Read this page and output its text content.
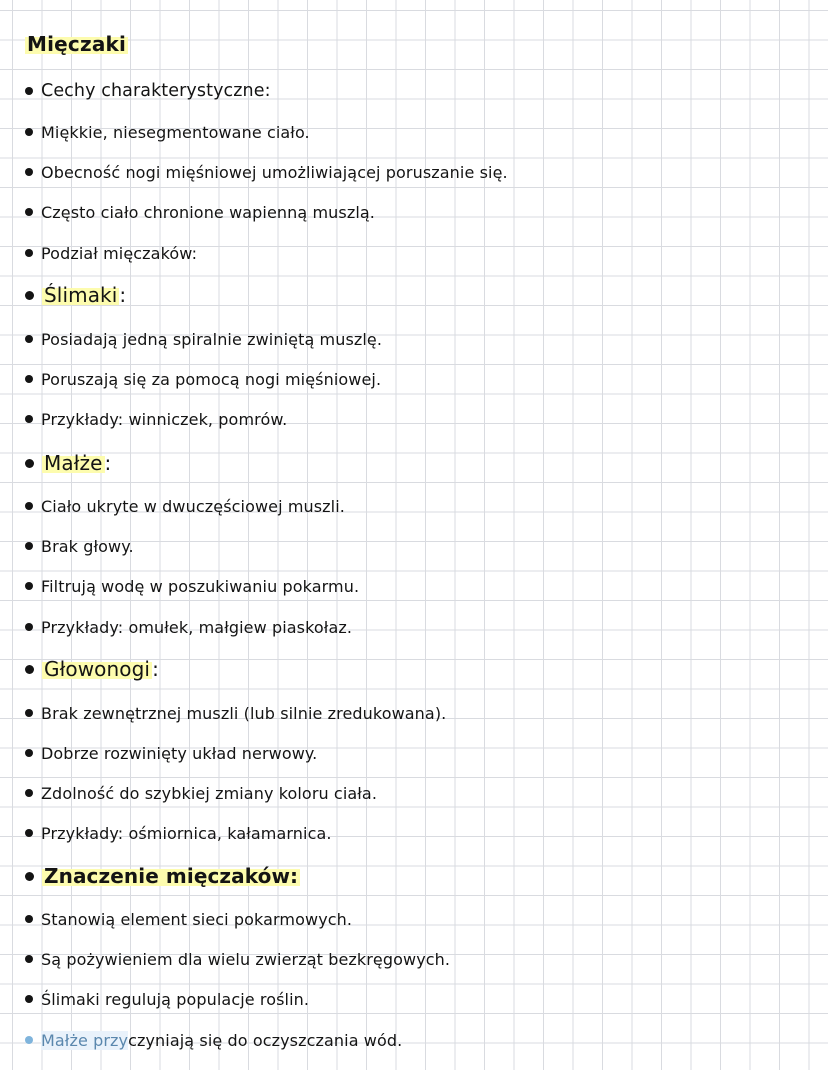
Mięczaki
Cechy charakterystyczne:
Miękkie, niesegmentowane ciało.
Obecność nogi mięśniowej umożliwiającej poruszanie się.
Często ciało chronione wapienną muszlą.
Podział mięczaków:
Ślimaki :
Posiadają jedną spiralnie zwiniętą muszlę.
Poruszają się za pomocą nogi mięśniowej.
Przykłady: winniczek, pomrów.
Małże :
Ciało ukryte w dwuczęściowej muszli.
Brak głowy.
Filtrują wodę w poszukiwaniu pokarmu.
Przykłady: omułek, małgiew piaskołaz.
Głowonogi :
Brak zewnętrznej muszli (lub silnie zredukowana).
Dobrze rozwinięty układ nerwowy.
Zdolność do szybkiej zmiany koloru ciała.
Przykłady: ośmiornica, kałamarnica.
Znaczenie mięczaków:
Stanowią element sieci pokarmowych.
Są pożywieniem dla wielu zwierząt bezkręgowych.
Ślimaki regulują populacje roślin.
Małże przyczyniają się do oczyszczania wód.
